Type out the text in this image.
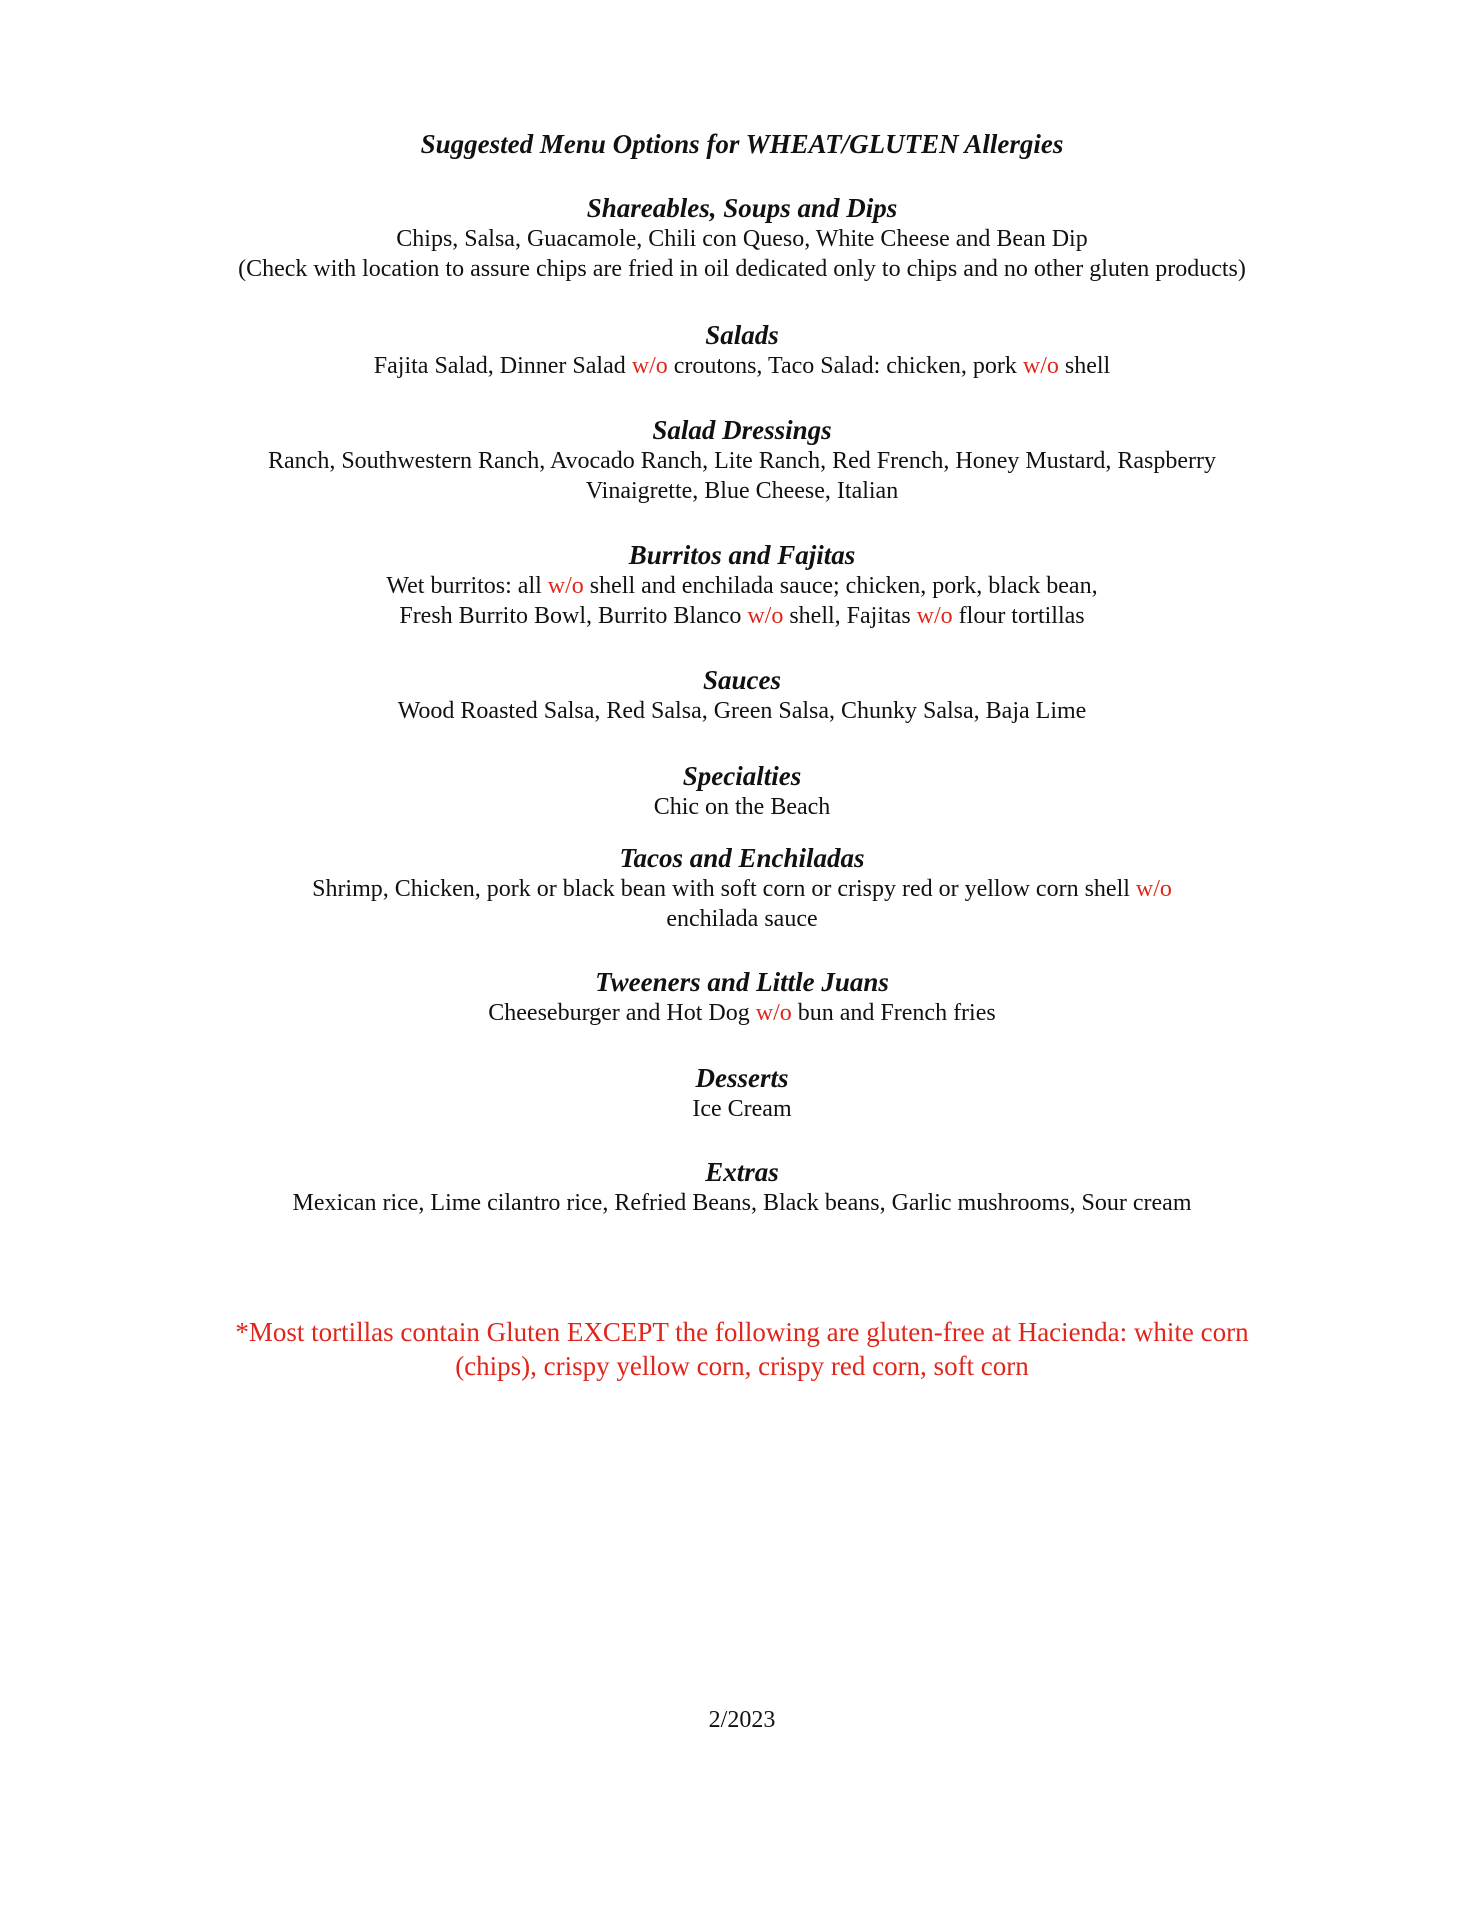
Suggested Menu Options for WHEAT/GLUTEN Allergies

Shareables, Soups and Dips

Chips, Salsa, Guacamole, Chili con Queso, White Cheese and Bean Dip

(Check with location to assure chips are fried in oil dedicated only to chips and no other gluten products)

Salads

Fajita Salad, Dinner Salad w/o croutons, Taco Salad: chicken, pork w/o shell

Salad Dressings

Ranch, Southwestern Ranch, Avocado Ranch, Lite Ranch, Red French, Honey Mustard, Raspberry

Vinaigrette, Blue Cheese, Italian

Burritos and Fajitas

Wet burritos: all w/o shell and enchilada sauce; chicken, pork, black bean,

Fresh Burrito Bowl, Burrito Blanco w/o shell, Fajitas w/o flour tortillas

Sauces

Wood Roasted Salsa, Red Salsa, Green Salsa, Chunky Salsa, Baja Lime

Specialties

Chic on the Beach

Tacos and Enchiladas

Shrimp, Chicken, pork or black bean with soft corn or crispy red or yellow corn shell w/o

enchilada sauce

Tweeners and Little Juans

Cheeseburger and Hot Dog w/o bun and French fries

Desserts

Ice Cream

Extras

Mexican rice, Lime cilantro rice, Refried Beans, Black beans, Garlic mushrooms, Sour cream

*Most tortillas contain Gluten EXCEPT the following are gluten-free at Hacienda: white corn
(chips), crispy yellow corn, crispy red corn, soft corn

2/2023
